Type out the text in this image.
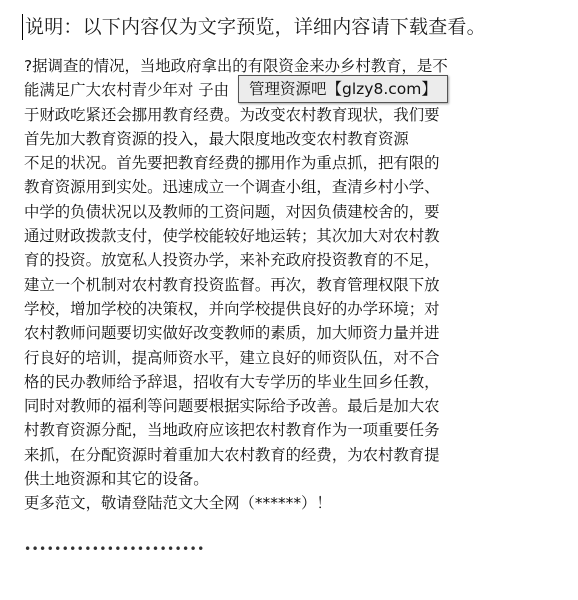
说明：以下内容仅为文字预览，详细内容请下载查看。
?据调查的情况，当地政府拿出的有限资金来办乡村教育，是不
能满足广大农村青少年对 子由
于财政吃紧还会挪用教育经费。为改变农村教育现状，我们要
首先加大教育资源的投入，最大限度地改变农村教育资源
不足的状况。首先要把教育经费的挪用作为重点抓，把有限的
教育资源用到实处。迅速成立一个调查小组，查清乡村小学、
中学的负债状况以及教师的工资问题，对因负债建校舍的，要
通过财政拨款支付，使学校能较好地运转；其次加大对农村教
育的投资。放宽私人投资办学，来补充政府投资教育的不足，
建立一个机制对农村教育投资监督。再次，教育管理权限下放
学校，增加学校的决策权，并向学校提供良好的办学环境；对
农村教师问题要切实做好改变教师的素质，加大师资力量并进
行良好的培训，提高师资水平，建立良好的师资队伍，对不合
格的民办教师给予辞退，招收有大专学历的毕业生回乡任教，
同时对教师的福利等问题要根据实际给予改善。最后是加大农
村教育资源分配，当地政府应该把农村教育作为一项重要任务
来抓，在分配资源时着重加大农村教育的经费，为农村教育提
供土地资源和其它的设备。
更多范文，敬请登陆范文大全网（******）！
管理资源吧【glzy8.com】
••••••••••••••••••••••••
